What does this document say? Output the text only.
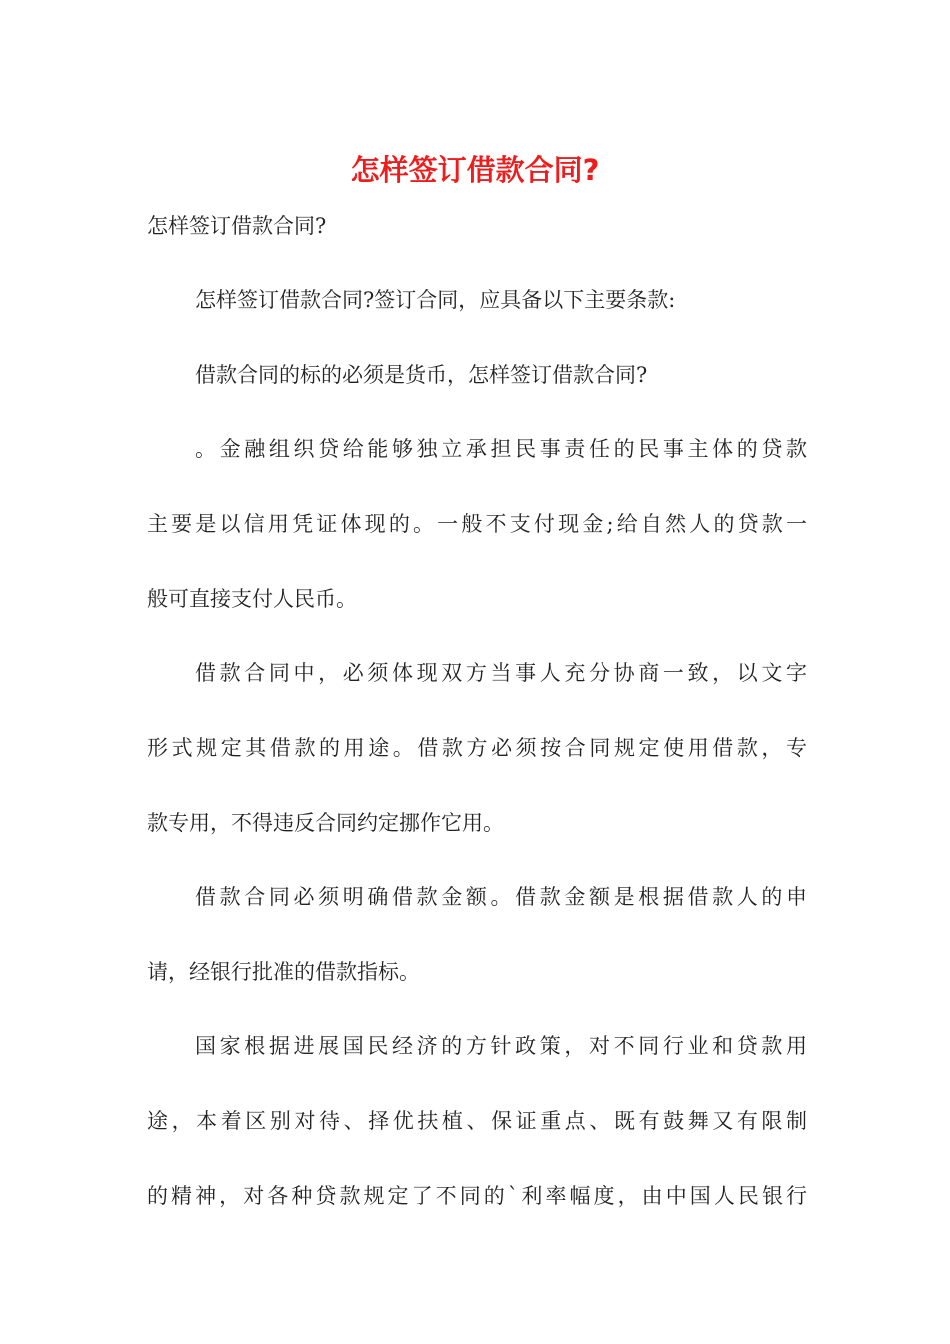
怎样签订借款合同?

怎样签订借款合同?

怎样签订借款合同?签订合同，应具备以下主要条款:

借款合同的标的必须是货币，怎样签订借款合同?

。金融组织贷给能够独立承担民事责任的民事主体的贷款

主要是以信用凭证体现的。一般不支付现金;给自然人的贷款一

般可直接支付人民币。

借款合同中，必须体现双方当事人充分协商一致，以文字

形式规定其借款的用途。借款方必须按合同规定使用借款，专

款专用，不得违反合同约定挪作它用。

借款合同必须明确借款金额。借款金额是根据借款人的申

请，经银行批准的借款指标。

国家根据进展国民经济的方针政策，对不同行业和贷款用

途，本着区别对待、择优扶植、保证重点、既有鼓舞又有限制

的精神，对各种贷款规定了不同的`利率幅度，由中国人民银行
